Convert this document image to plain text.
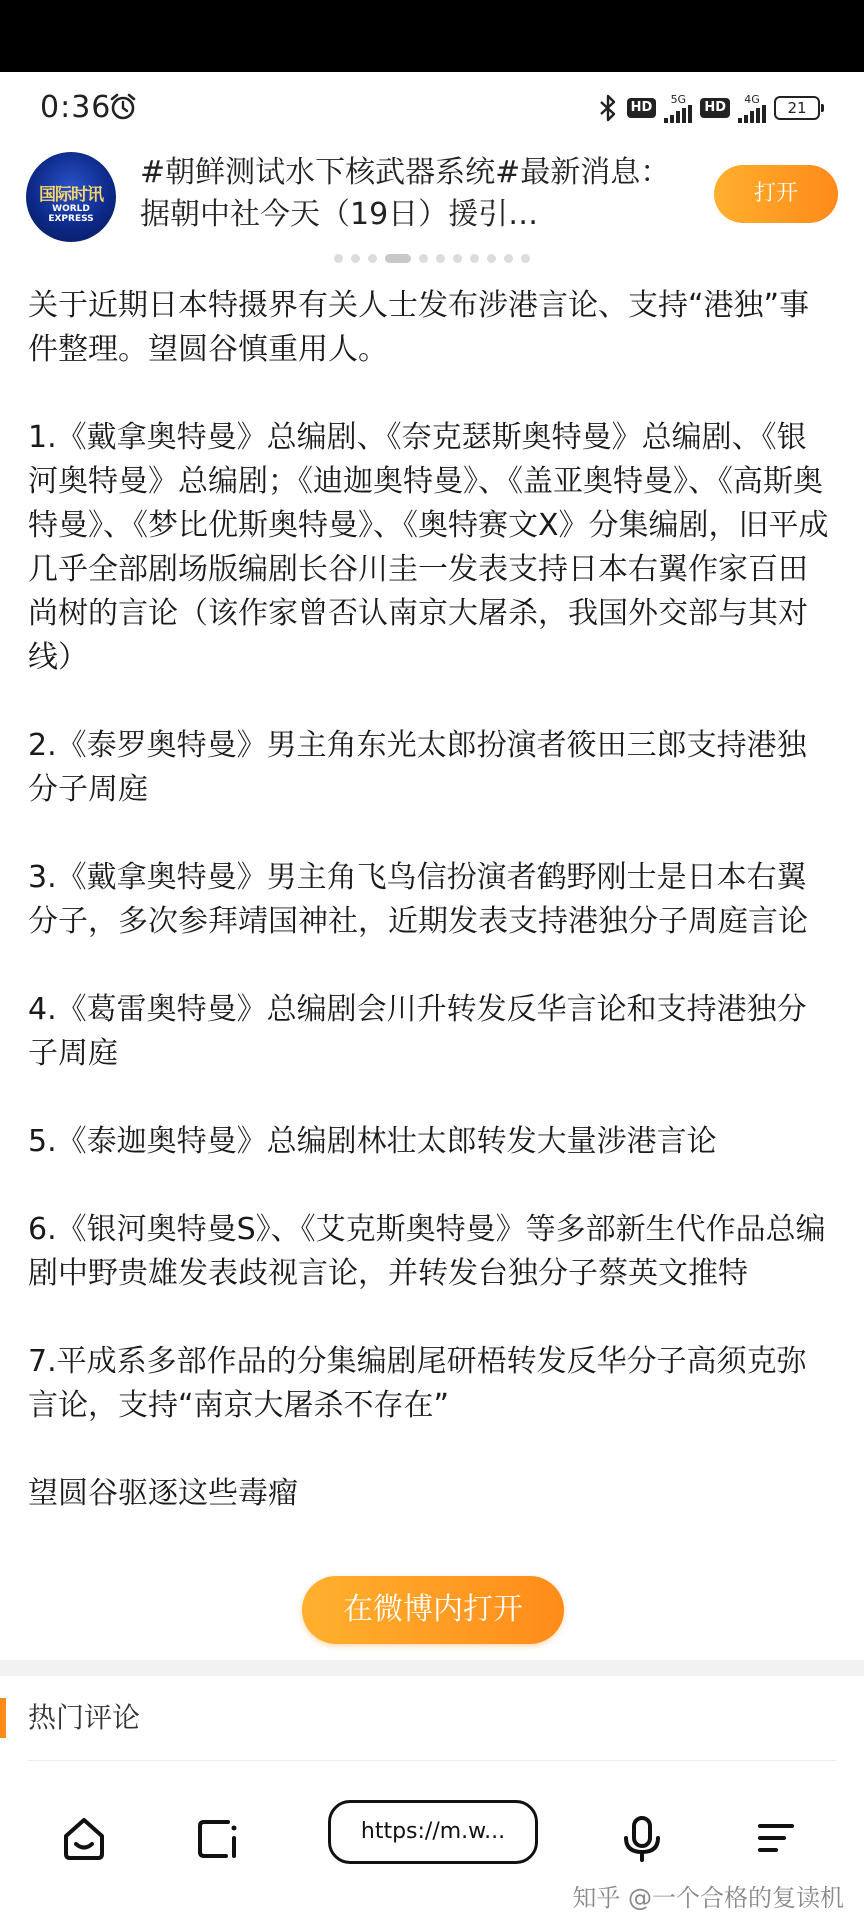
0:36	HD
5G
HD
4G	21
国际时讯
WORLD EXPRESS
#朝鲜测试水下核武器系统#最新消息：据朝中社今天（19日）援引…
打开

关于近期日本特摄界有关人士发布涉港言论、支持“港独”事件整理。望圆谷慎重用人。

1.《戴拿奥特曼》总编剧、《奈克瑟斯奥特曼》总编剧、《银河奥特曼》总编剧；《迪迦奥特曼》、《盖亚奥特曼》、《高斯奥特曼》、《梦比优斯奥特曼》、《奥特赛文X》分集编剧，旧平成几乎全部剧场版编剧长谷川圭一发表支持日本右翼作家百田尚树的言论（该作家曾否认南京大屠杀，我国外交部与其对线）

2.《泰罗奥特曼》男主角东光太郎扮演者筱田三郎支持港独分子周庭

3.《戴拿奥特曼》男主角飞鸟信扮演者鹤野刚士是日本右翼分子，多次参拜靖国神社，近期发表支持港独分子周庭言论

4.《葛雷奥特曼》总编剧会川升转发反华言论和支持港独分子周庭

5.《泰迦奥特曼》总编剧林壮太郎转发大量涉港言论

6.《银河奥特曼S》、《艾克斯奥特曼》等多部新生代作品总编剧中野贵雄发表歧视言论，并转发台独分子蔡英文推特

7.平成系多部作品的分集编剧尾研梧转发反华分子高须克弥言论，支持“南京大屠杀不存在”

望圆谷驱逐这些毒瘤

在微博内打开
热门评论
https://m.w...
知乎 @一个合格的复读机
